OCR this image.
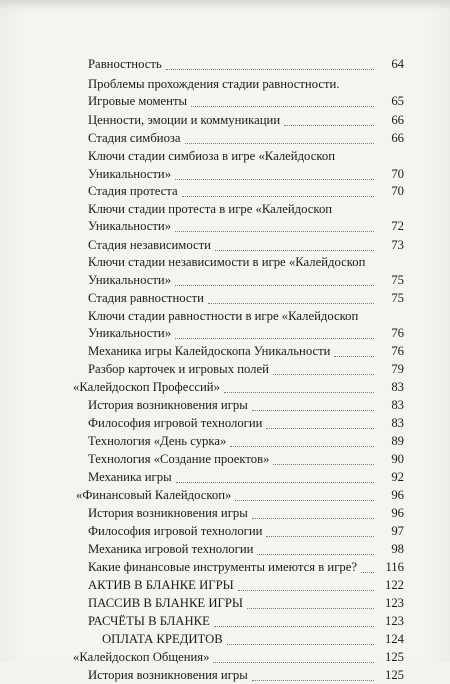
Равностность	64
Проблемы прохождения стадии равностности.
Игровые моменты	65
Ценности, эмоции и коммуникации	66
Стадия симбиоза	66
Ключи стадии симбиоза в игре «Калейдоскоп
Уникальности»	70
Стадия протеста	70
Ключи стадии протеста в игре «Калейдоскоп
Уникальности»	72
Стадия независимости	73
Ключи стадии независимости в игре «Калейдоскоп
Уникальности»	75
Стадия равностности	75
Ключи стадии равностности в игре «Калейдоскоп
Уникальности»	76
Механика игры Калейдоскопа Уникальности	76
Разбор карточек и игровых полей	79
«Калейдоскоп Профессий»	83
История возникновения игры	83
Философия игровой технологии	83
Технология «День сурка»	89
Технология «Создание проектов»	90
Механика игры	92
«Финансовый Калейдоскоп»	96
История возникновения игры	96
Философия игровой технологии	97
Механика игровой технологии	98
Какие финансовые инструменты имеются в игре?	116
АКТИВ В БЛАНКЕ ИГРЫ	122
ПАССИВ В БЛАНКЕ ИГРЫ	123
РАСЧЁТЫ В БЛАНКЕ	123
ОПЛАТА КРЕДИТОВ	124
«Калейдоскоп Общения»	125
История возникновения игры	125
